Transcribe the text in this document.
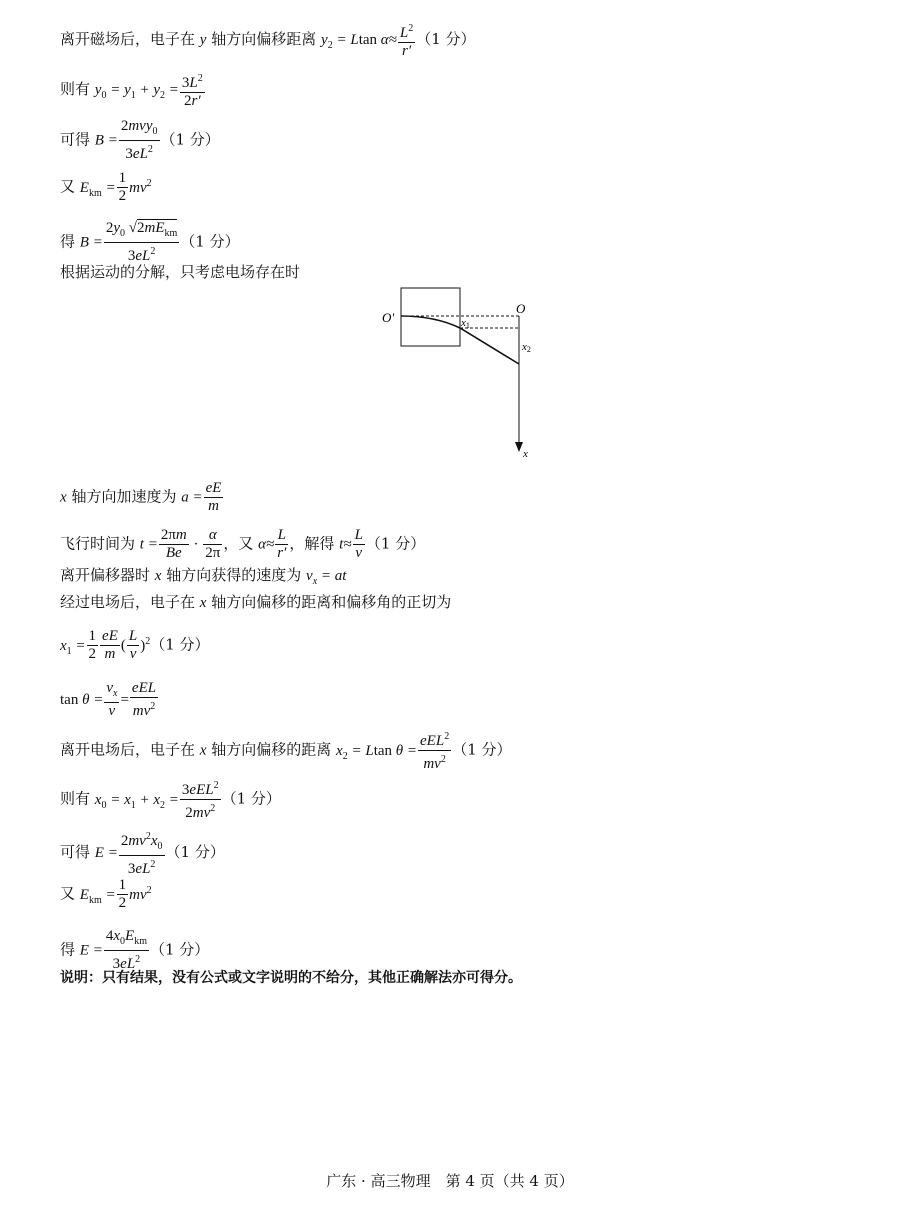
离开磁场后，电子在 y 轴方向偏移距离 $y_2 = Ltan$ $\alpha\approx \frac{L^2}{r'} (1$ 分）
则有 $y_0 = y_1 + y_2 = \frac{3L^2}{2r'}$
可得 $B = \frac{2mvy_0}{3eL^2} (1$ 分）
又 $E_{km} = \frac{1}{2} mv^2$
得 $B = \frac{2y_0 √2mE_{km}}{3eL^2} (1$ 分）
根据运动的分解，只考虑电场存在时
O′
O
x1
x2
x
x 轴方向加速度为 $a = \frac{eE}{m}$
飞行时间为 $t = \frac{2\pi m}{Be} \cdot \frac{\alpha}{2\pi}$ ，又 $\alpha\approx \frac{L}{r'}$ ，解得 $t\approx \frac{L}{v} (1$ 分）
离开偏移器时 x 轴方向获得的速度为 $v_x$ = at
经过电场后，电子在 x 轴方向偏移的距离和偏移角的正切为
$x_1 = \frac{1}{2} \frac{eE}{m}$ ( $\frac{L}{v} )^2(1$ 分）
$\tan \theta = \frac{v_x}{v} = \frac{\text{eEL}}{mv^2}$
离开电场后，电子在 x 轴方向偏移的距离 $x_2 = Ltan$ $\theta = \frac{eEL^2}{mv^2} (1$ 分）
则有 $x_0 = x_1 + x_2 = \frac{3eEL^2}{2mv^2} (1$ 分）
可得 $E = \frac{2mv^2x_0}{3eL^2} (1$ 分）
又 $E_{km} = \frac{1}{2} mv^2$
得 $E = \frac{4x_0E_{km}}{3eL^2} (1$ 分）
说明：只有结果，没有公式或文字说明的不给分，其他正确解法亦可得分。
广东 · 高三物理　第 4 页（共 4 页）
